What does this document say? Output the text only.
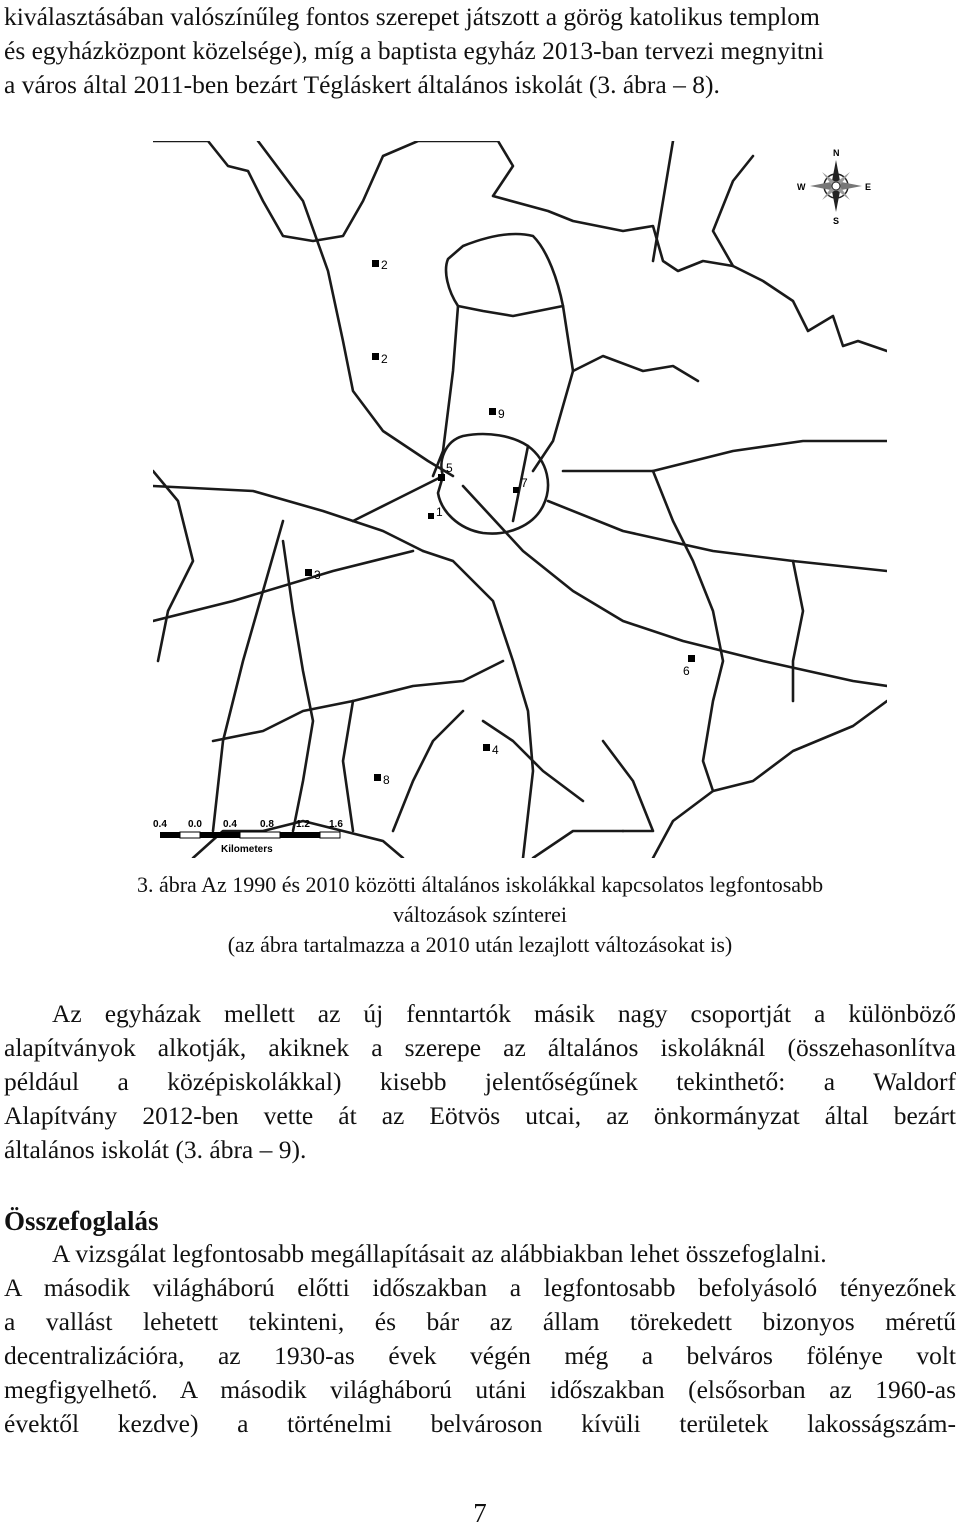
kiválasztásában valószínűleg fontos szerepet játszott a görög katolikus templom
és egyházközpont közelsége), míg a baptista egyház 2013-ban tervezi megnyitni
a város által 2011-ben bezárt Tégláskert általános iskolát (3. ábra – 8).
2
2
9
5
7
1
3
6
4
8
N
S
E
W
0.4 0.0 0.4 0.8 1.2 1.6
Kilometers
3. ábra Az 1990 és 2010 közötti általános iskolákkal kapcsolatos legfontosabb
változások színterei
(az ábra tartalmazza a 2010 után lezajlott változásokat is)
Az egyházak mellett az új fenntartók másik nagy csoportját a különböző
alapítványok alkotják, akiknek a szerepe az általános iskoláknál (összehasonlítva
például a középiskolákkal) kisebb jelentőségűnek tekinthető: a Waldorf
Alapítvány 2012-ben vette át az Eötvös utcai, az önkormányzat által bezárt
általános iskolát (3. ábra – 9).
Összefoglalás
A vizsgálat legfontosabb megállapításait az alábbiakban lehet összefoglalni.
A második világháború előtti időszakban a legfontosabb befolyásoló tényezőnek
a vallást lehetett tekinteni, és bár az állam törekedett bizonyos méretű
decentralizációra, az 1930-as évek végén még a belváros fölénye volt
megfigyelhető. A második világháború utáni időszakban (elsősorban az 1960-as
évektől kezdve) a történelmi belvároson kívüli területek lakosságszám-
7
